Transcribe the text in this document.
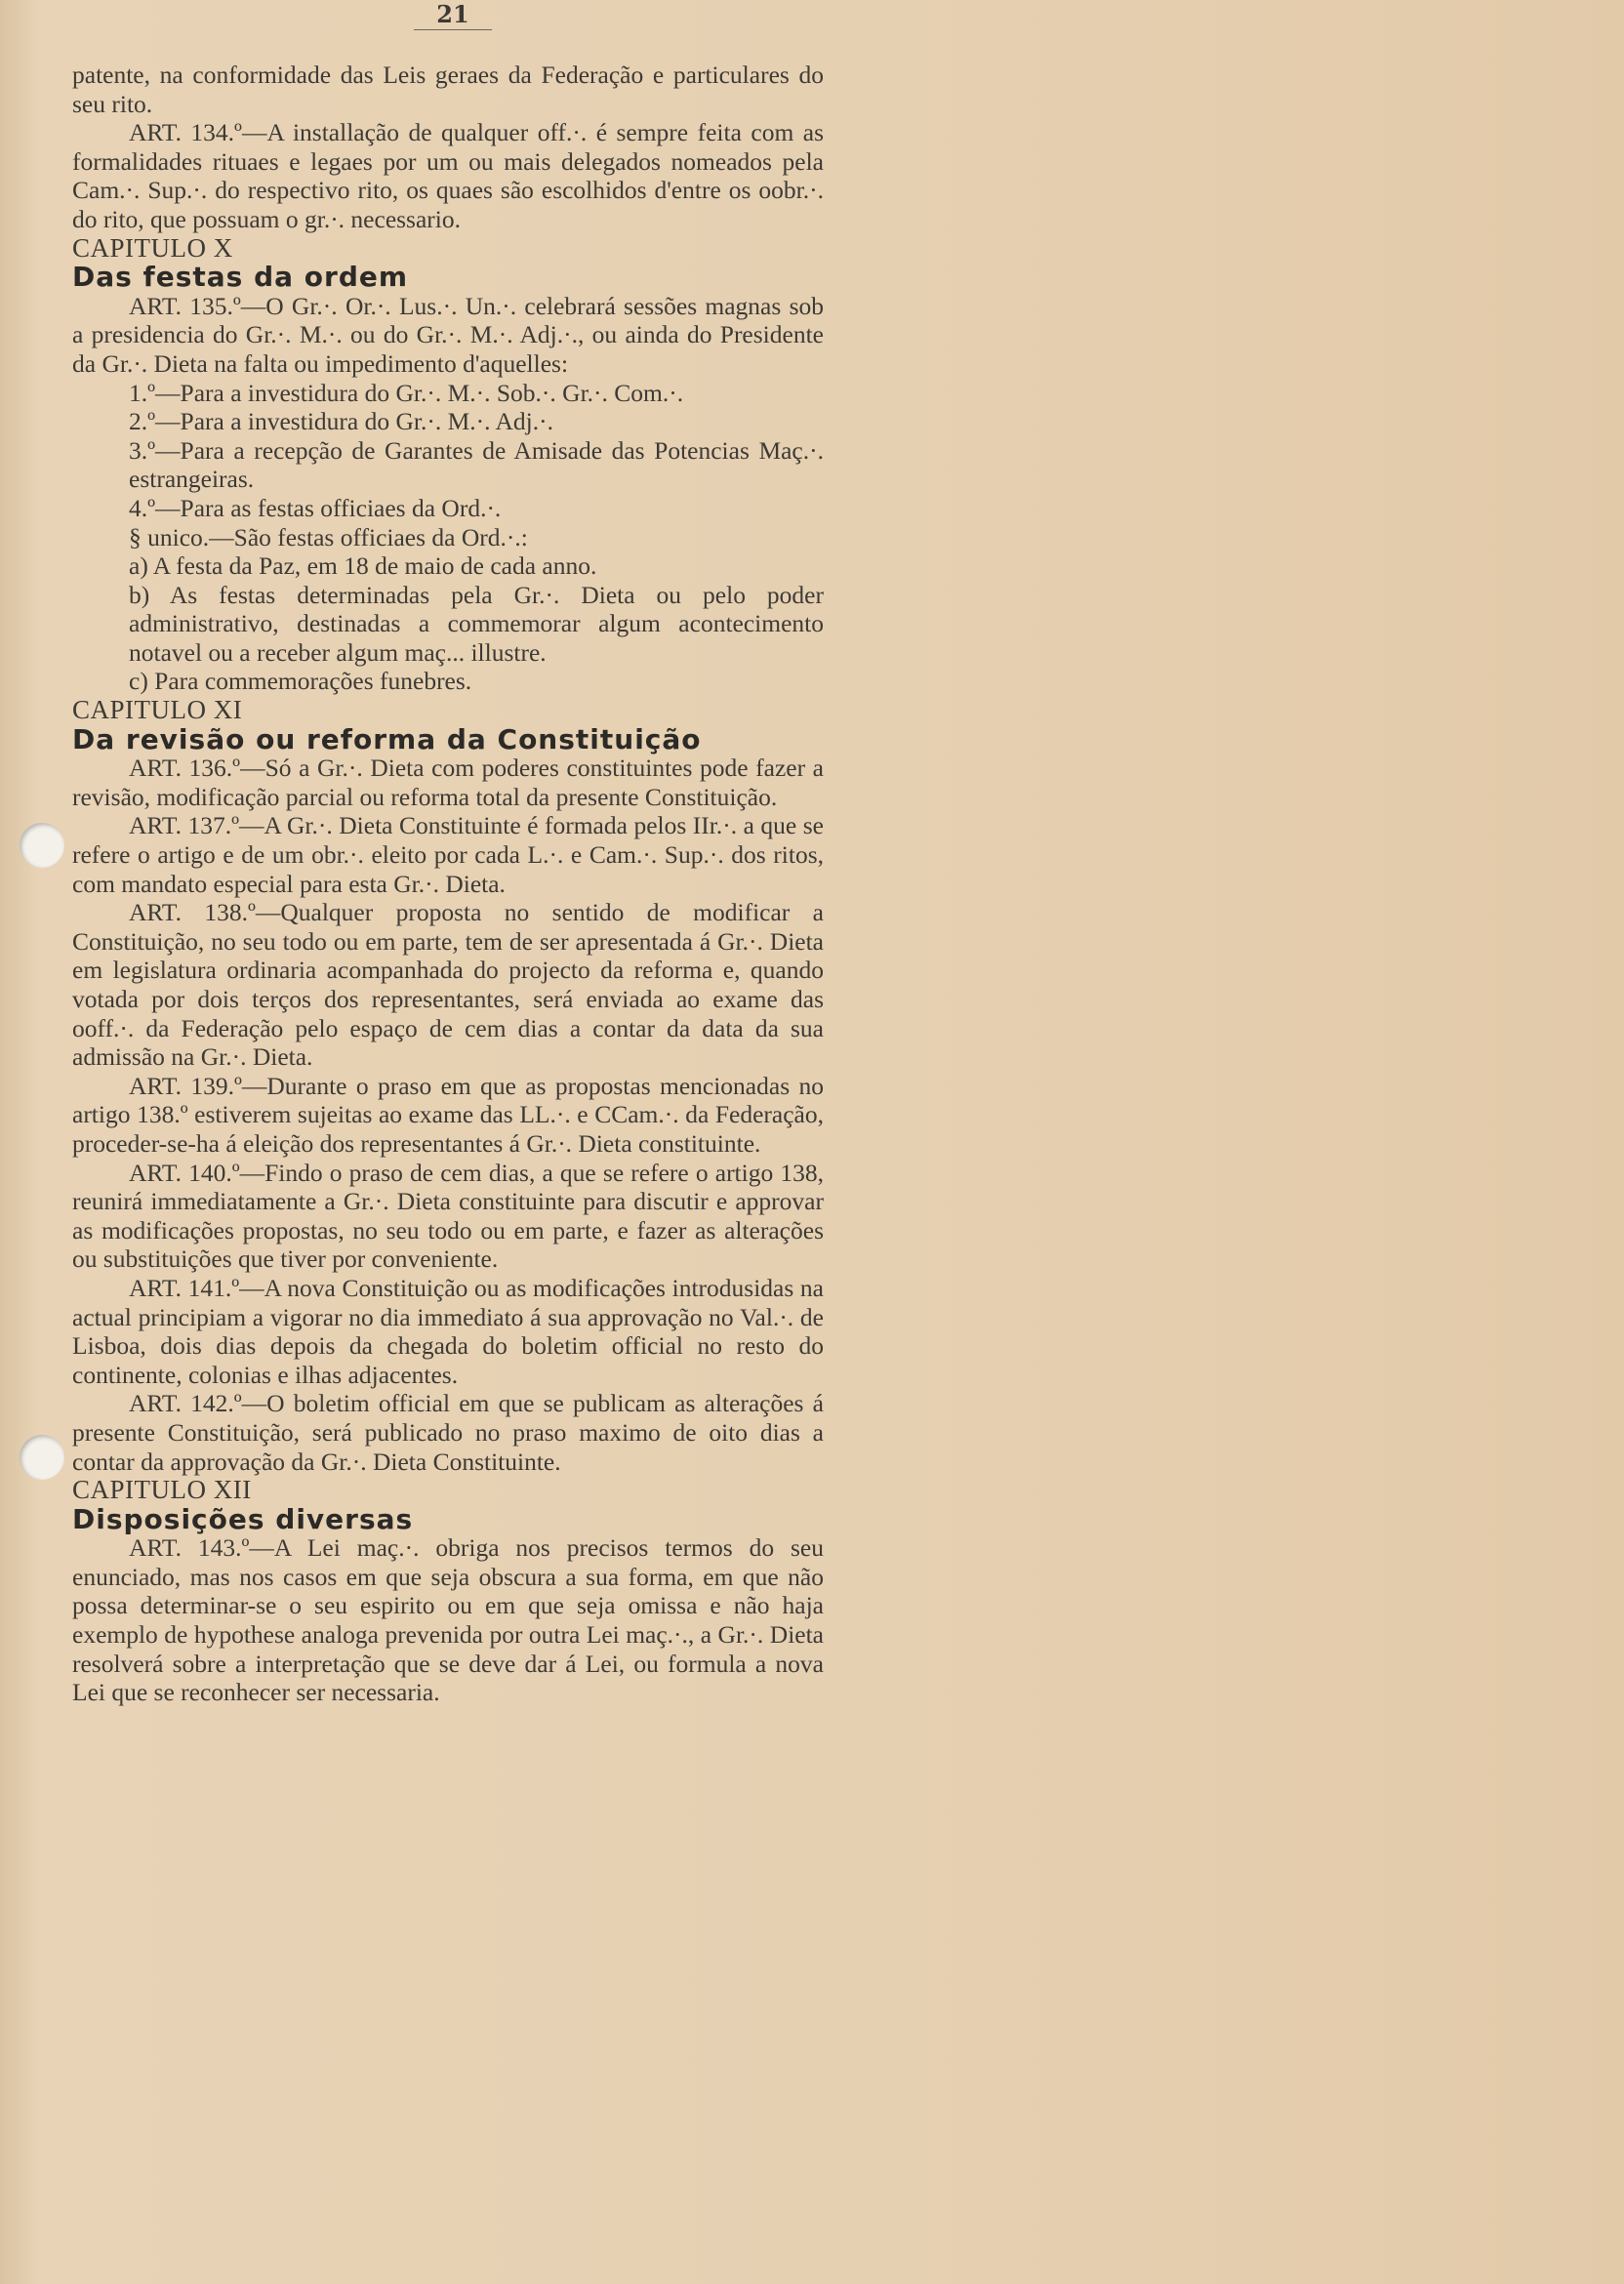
21

patente, na conformidade das Leis geraes da Federação e particulares do seu rito.

ART. 134.º—A installação de qualquer off.·. é sempre feita com as formalidades rituaes e legaes por um ou mais delegados nomeados pela Cam.·. Sup.·. do respectivo rito, os quaes são escolhidos d'entre os oobr.·. do rito, que possuam o gr.·. necessario.

CAPITULO X

Das festas da ordem

ART. 135.º—O Gr.·. Or.·. Lus.·. Un.·. celebrará sessões magnas sob a presidencia do Gr.·. M.·. ou do Gr.·. M.·. Adj.·., ou ainda do Presidente da Gr.·. Dieta na falta ou impedimento d'aquelles:

1.º—Para a investidura do Gr.·. M.·. Sob.·. Gr.·. Com.·.

2.º—Para a investidura do Gr.·. M.·. Adj.·.

3.º—Para a recepção de Garantes de Amisade das Potencias Maç.·. estrangeiras.

4.º—Para as festas officiaes da Ord.·.

§ unico.—São festas officiaes da Ord.·.:

a) A festa da Paz, em 18 de maio de cada anno.

b) As festas determinadas pela Gr.·. Dieta ou pelo poder administrativo, destinadas a commemorar algum acontecimento notavel ou a receber algum maç... illustre.

c) Para commemorações funebres.

CAPITULO XI

Da revisão ou reforma da Constituição

ART. 136.º—Só a Gr.·. Dieta com poderes constituintes pode fazer a revisão, modificação parcial ou reforma total da presente Constituição.

ART. 137.º—A Gr.·. Dieta Constituinte é formada pelos IIr.·. a que se refere o artigo e de um obr.·. eleito por cada L.·. e Cam.·. Sup.·. dos ritos, com mandato especial para esta Gr.·. Dieta.

ART. 138.º—Qualquer proposta no sentido de modificar a Constituição, no seu todo ou em parte, tem de ser apresentada á Gr.·. Dieta em legislatura ordinaria acompanhada do projecto da reforma e, quando votada por dois terços dos representantes, será enviada ao exame das ooff.·. da Federação pelo espaço de cem dias a contar da data da sua admissão na Gr.·. Dieta.

ART. 139.º—Durante o praso em que as propostas mencionadas no artigo 138.º estiverem sujeitas ao exame das LL.·. e CCam.·. da Federação, proceder-se-ha á eleição dos representantes á Gr.·. Dieta constituinte.

ART. 140.º—Findo o praso de cem dias, a que se refere o artigo 138, reunirá immediatamente a Gr.·. Dieta constituinte para discutir e approvar as modificações propostas, no seu todo ou em parte, e fazer as alterações ou substituições que tiver por conveniente.

ART. 141.º—A nova Constituição ou as modificações introdusidas na actual principiam a vigorar no dia immediato á sua approvação no Val.·. de Lisboa, dois dias depois da chegada do boletim official no resto do continente, colonias e ilhas adjacentes.

ART. 142.º—O boletim official em que se publicam as alterações á presente Constituição, será publicado no praso maximo de oito dias a contar da approvação da Gr.·. Dieta Constituinte.

CAPITULO XII

Disposições diversas

ART. 143.º—A Lei maç.·. obriga nos precisos termos do seu enunciado, mas nos casos em que seja obscura a sua forma, em que não possa determinar-se o seu espirito ou em que seja omissa e não haja exemplo de hypothese analoga prevenida por outra Lei maç.·., a Gr.·. Dieta resolverá sobre a interpretação que se deve dar á Lei, ou formula a nova Lei que se reconhecer ser necessaria.
